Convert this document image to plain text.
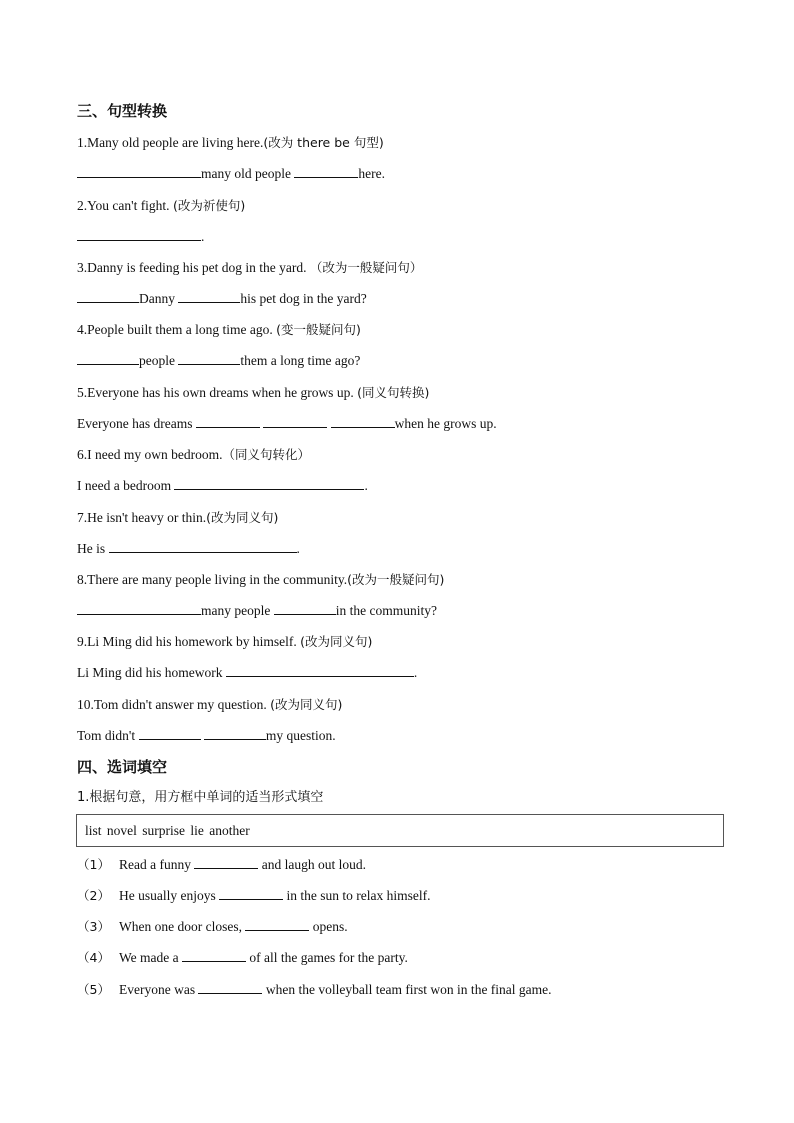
三、句型转换
1.Many old people are living here.(改为 there be 句型)
many old people	here.
2.You can't fight. (改为祈使句)
.
3.Danny is feeding his pet dog in the yard. （改为一般疑问句）
Danny	his pet dog in the yard?
4.People built them a long time ago. (变一般疑问句)
people	them a long time ago?
5.Everyone has his own dreams when he grows up. (同义句转换)
Everyone has dreams	when he grows up.
6.I need my own bedroom.（同义句转化）
I need a bedroom	.
7.He isn't heavy or thin.(改为同义句)
He is	.
8.There are many people living in the community.(改为一般疑问句)
many people	in the community?
9.Li Ming did his homework by himself. (改为同义句)
Li Ming did his homework	.
10.Tom didn't answer my question. (改为同义句)
Tom didn't	my question.
四、选词填空
1.根据句意，用方框中单词的适当形式填空
list novel surprise lie another
（1） Read a funny	and laugh out loud.
（2） He usually enjoys	in the sun to relax himself.
（3） When one door closes,	opens.
（4） We made a	of all the games for the party.
（5） Everyone was	when the volleyball team first won in the final game.
